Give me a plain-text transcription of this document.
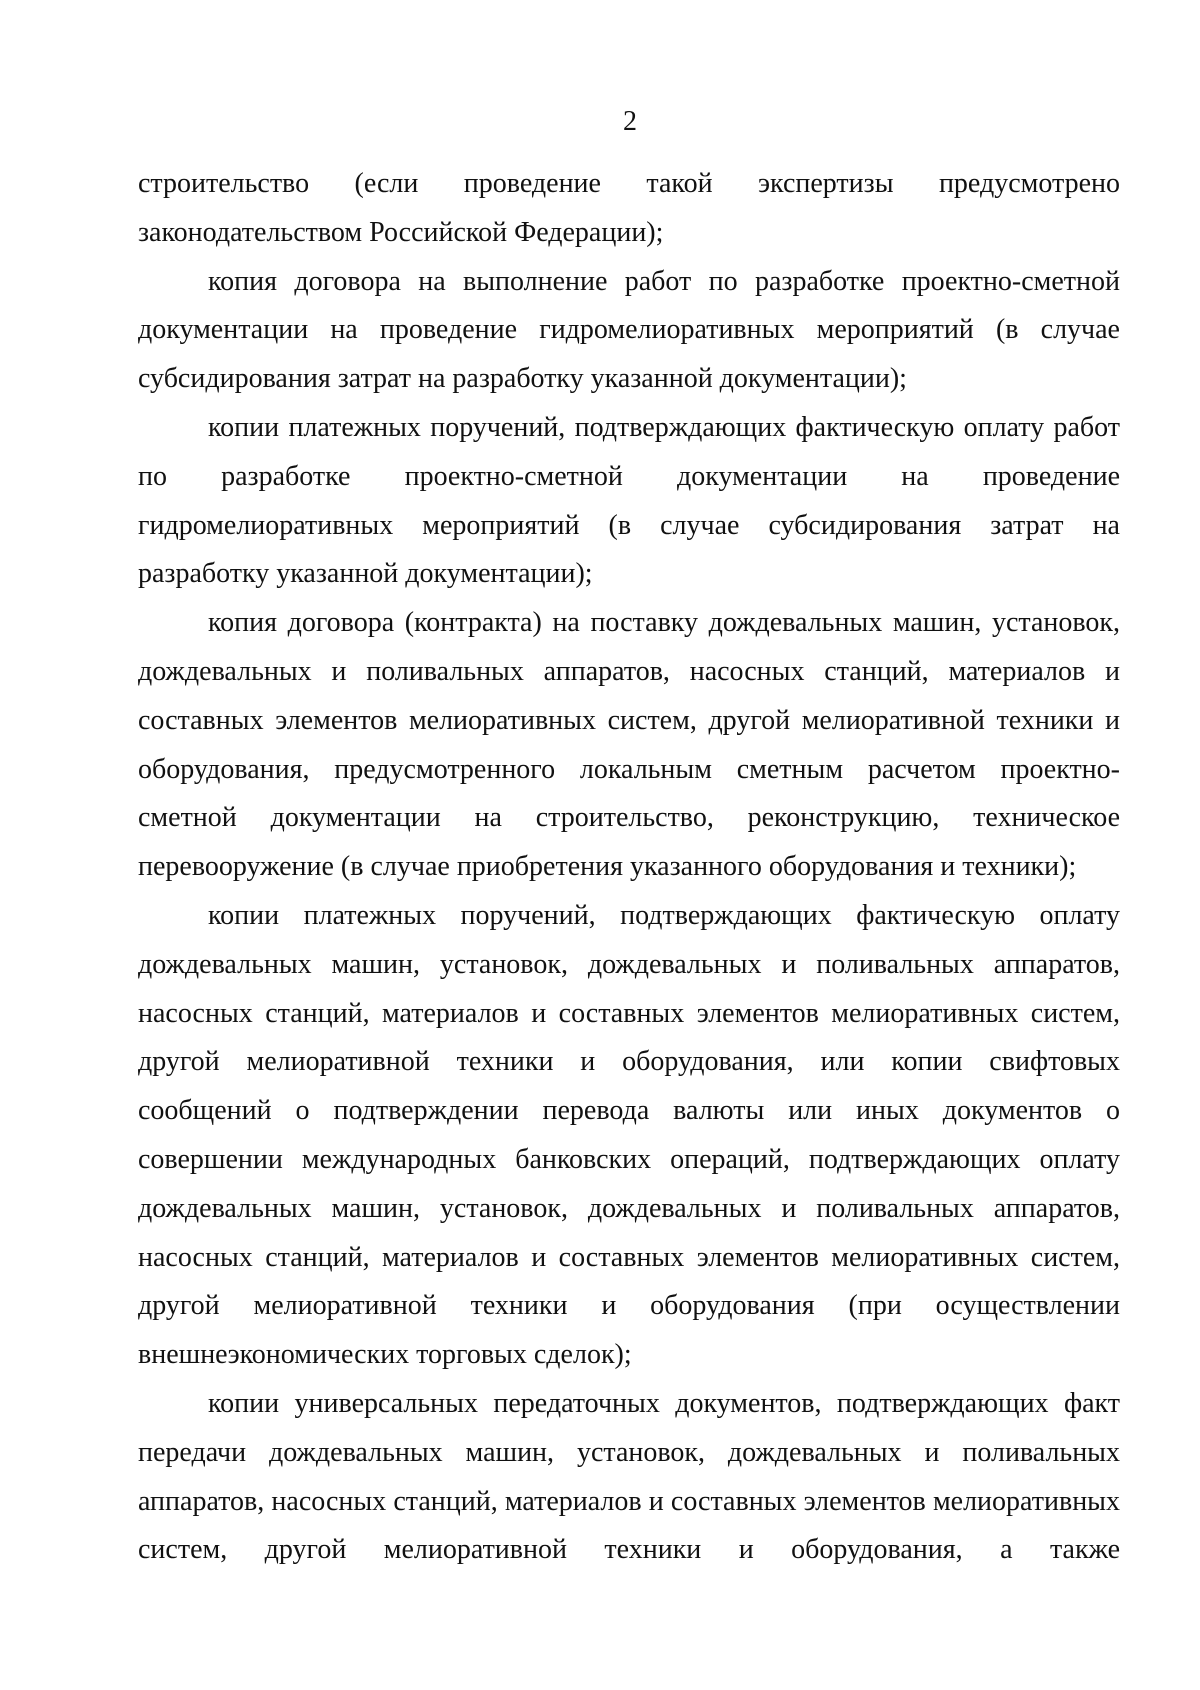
2

строительство (если проведение такой экспертизы предусмотрено законодательством Российской Федерации);

копия договора на выполнение работ по разработке проектно-сметной документации на проведение гидромелиоративных мероприятий (в случае субсидирования затрат на разработку указанной документации);

копии платежных поручений, подтверждающих фактическую оплату работ по разработке проектно-сметной документации на проведение гидромелиоративных мероприятий (в случае субсидирования затрат на разработку указанной документации);

копия договора (контракта) на поставку дождевальных машин, установок, дождевальных и поливальных аппаратов, насосных станций, материалов и составных элементов мелиоративных систем, другой мелиоративной техники и оборудования, предусмотренного локальным сметным расчетом проектно-сметной документации на строительство, реконструкцию, техническое перевооружение (в случае приобретения указанного оборудования и техники);

копии платежных поручений, подтверждающих фактическую оплату дождевальных машин, установок, дождевальных и поливальных аппаратов, насосных станций, материалов и составных элементов мелиоративных систем, другой мелиоративной техники и оборудования, или копии свифтовых сообщений о подтверждении перевода валюты или иных документов о совершении международных банковских операций, подтверждающих оплату дождевальных машин, установок, дождевальных и поливальных аппаратов, насосных станций, материалов и составных элементов мелиоративных систем, другой мелиоративной техники и оборудования (при осуществлении внешнеэкономических торговых сделок);

копии универсальных передаточных документов, подтверждающих факт передачи дождевальных машин, установок, дождевальных и поливальных аппаратов, насосных станций, материалов и составных элементов мелиоративных систем, другой мелиоративной техники и оборудования, а также
